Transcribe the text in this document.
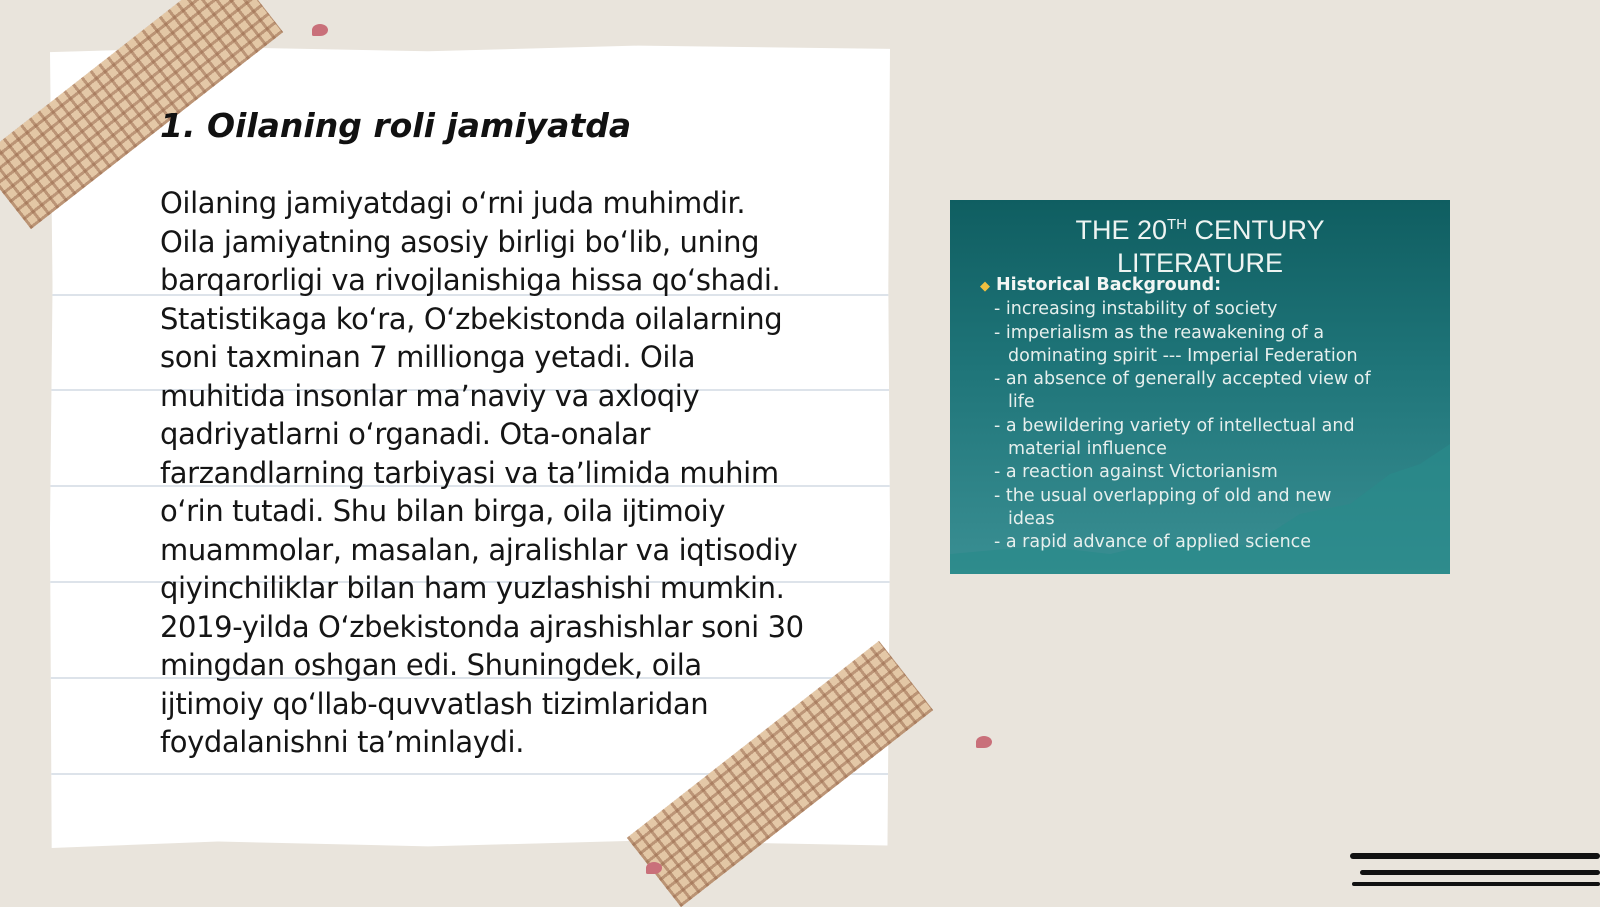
1. Oilaning roli jamiyatda
Oilaning jamiyatdagi oʻrni juda muhimdir.
Oila jamiyatning asosiy birligi boʻlib, uning
barqarorligi va rivojlanishiga hissa qoʻshadi.
Statistikaga koʻra, Oʻzbekistonda oilalarning
soni taxminan 7 millionga yetadi. Oila
muhitida insonlar maʼnaviy va axloqiy
qadriyatlarni oʻrganadi. Ota-onalar
farzandlarning tarbiyasi va taʼlimida muhim
oʻrin tutadi. Shu bilan birga, oila ijtimoiy
muammolar, masalan, ajralishlar va iqtisodiy
qiyinchiliklar bilan ham yuzlashishi mumkin.
2019-yilda Oʻzbekistonda ajrashishlar soni 30
mingdan oshgan edi. Shuningdek, oila
ijtimoiy qoʻllab-quvvatlash tizimlaridan
foydalanishni taʼminlaydi.
THE 20TH CENTURY
LITERATURE
◆ Historical Background:
- increasing instability of society
- imperialism as the reawakening of a
dominating spirit --- Imperial Federation
- an absence of generally accepted view of
life
- a bewildering variety of intellectual and
material influence
- a reaction against Victorianism
- the usual overlapping of old and new
ideas
- a rapid advance of applied science
